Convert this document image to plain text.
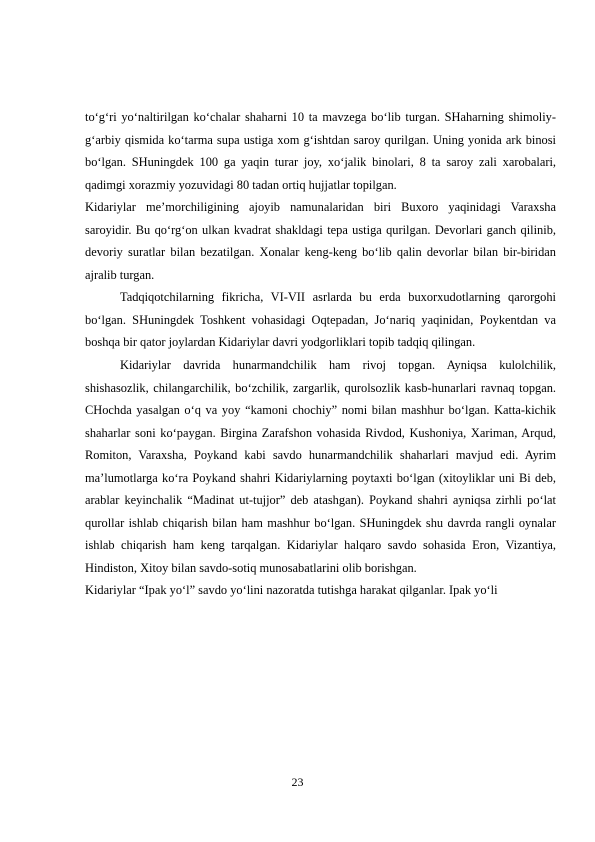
to‘g‘ri yo‘naltirilgan ko‘chalar shaharni 10 ta mavzega bo‘lib turgan. SHaharning shimoliy-g‘arbiy qismida ko‘tarma supa ustiga xom g‘ishtdan saroy qurilgan. Uning yonida ark binosi bo‘lgan. SHuningdek 100 ga yaqin turar joy, xo‘jalik binolari, 8 ta saroy zali xarobalari, qadimgi xorazmiy yozuvidagi 80 tadan ortiq hujjatlar topilgan.

Kidariylar me’morchiligining ajoyib namunalaridan biri Buxoro yaqinidagi Varaxsha saroyidir. Bu qo‘rg‘on ulkan kvadrat shakldagi tepa ustiga qurilgan. Devorlari ganch qilinib, devoriy suratlar bilan bezatilgan. Xonalar keng-keng bo‘lib qalin devorlar bilan bir-biridan ajralib turgan.

Tadqiqotchilarning fikricha, VI-VII asrlarda bu erda buxorxudotlarning qarorgohi bo‘lgan. SHuningdek Toshkent vohasidagi Oqtepadan, Jo‘nariq yaqinidan, Poykentdan va boshqa bir qator joylardan Kidariylar davri yodgorliklari topib tadqiq qilingan.

Kidariylar davrida hunarmandchilik ham rivoj topgan. Ayniqsa kulolchilik, shishasozlik, chilangarchilik, bo‘zchilik, zargarlik, qurolsozlik kasb-hunarlari ravnaq topgan. CHochda yasalgan o‘q va yoy “kamoni chochiy” nomi bilan mashhur bo‘lgan. Katta-kichik shaharlar soni ko‘paygan. Birgina Zarafshon vohasida Rivdod, Kushoniya, Xariman, Arqud, Romiton, Varaxsha, Poykand kabi savdo hunarmandchilik shaharlari mavjud edi. Ayrim ma’lumotlarga ko‘ra Poykand shahri Kidariylarning poytaxti bo‘lgan (xitoyliklar uni Bi deb, arablar keyinchalik “Madinat ut-tujjor” deb atashgan). Poykand shahri ayniqsa zirhli po‘lat qurollar ishlab chiqarish bilan ham mashhur bo‘lgan. SHuningdek shu davrda rangli oynalar ishlab chiqarish ham keng tarqalgan. Kidariylar halqaro savdo sohasida Eron, Vizantiya, Hindiston, Xitoy bilan savdo-sotiq munosabatlarini olib borishgan.

Kidariylar “Ipak yo‘l” savdo yo‘lini nazoratda tutishga harakat qilganlar. Ipak yo‘li

23
